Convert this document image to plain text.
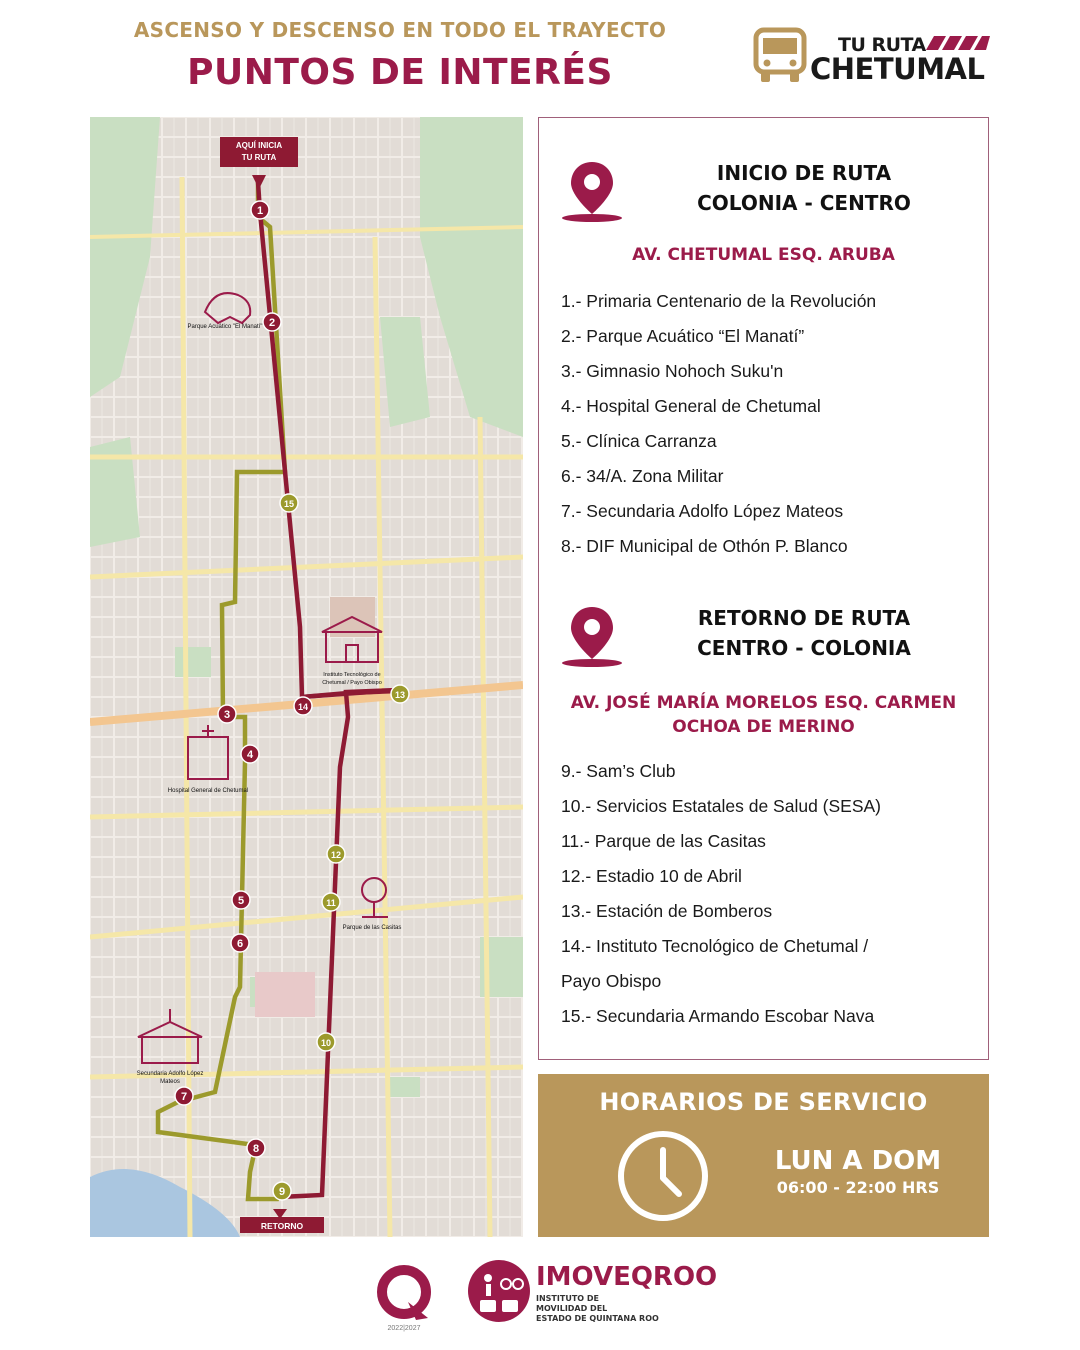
ASCENSO Y DESCENSO EN TODO EL TRAYECTO
PUNTOS DE INTERÉS
TU RUTA
CHETUMAL
AQUÍ INICIA
TU RUTA
RETORNO
Parque Acuático "El Manatí"
Instituto Tecnológico de
Chetumal / Payo Obispo
Hospital General de Chetumal
Parque de las Casitas
Secundaria Adolfo López
Mateos
1
2
3
4
5
6
7
8
9
10
11
12
13
14
15
INICIO DE RUTA
COLONIA - CENTRO
AV. CHETUMAL ESQ. ARUBA
1.- Primaria Centenario de la Revolución
2.- Parque Acuático “El Manatí”
3.- Gimnasio Nohoch Suku'n
4.- Hospital General de Chetumal
5.- Clínica Carranza
6.- 34/A. Zona Militar
7.- Secundaria Adolfo López Mateos
8.- DIF Municipal de Othón P. Blanco
RETORNO DE RUTA
CENTRO - COLONIA
AV. JOSÉ MARÍA MORELOS ESQ. CARMEN
OCHOA DE MERINO
9.- Sam’s Club
10.- Servicios Estatales de Salud (SESA)
11.- Parque de las Casitas
12.- Estadio 10 de Abril
13.- Estación de Bomberos
14.- Instituto Tecnológico de Chetumal /
Payo Obispo
15.- Secundaria Armando Escobar Nava
HORARIOS DE SERVICIO
LUN A DOM
06:00 - 22:00 HRS
2022|2027
IMOVEQROO
INSTITUTO DE
MOVILIDAD DEL
ESTADO DE QUINTANA ROO
